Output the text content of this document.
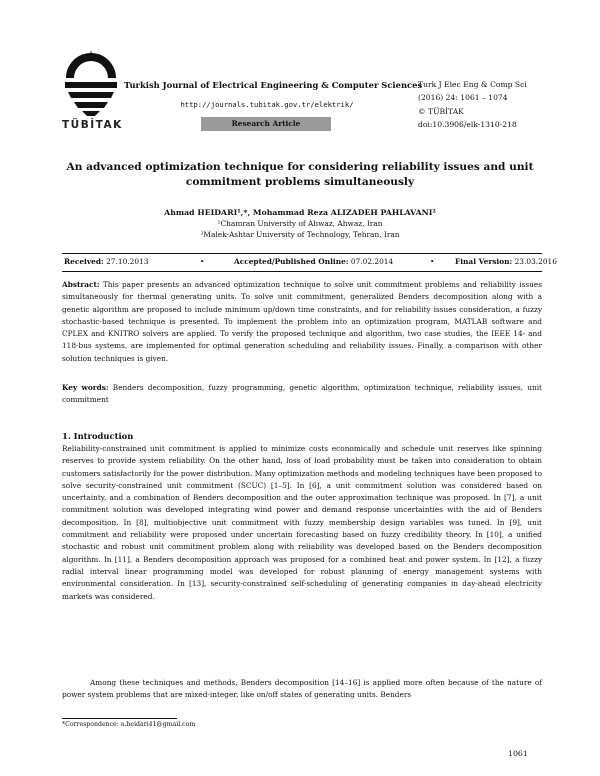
TÜBİTAK
Turkish Journal of Electrical Engineering & Computer Sciences
http://journals.tubitak.gov.tr/elektrik/
Research Article
Turk J Elec Eng & Comp Sci
(2016) 24: 1061 – 1074
© TÜBİTAK
doi:10.3906/elk-1310-218
An advanced optimization technique for considering reliability issues and unit commitment problems simultaneously
Ahmad HEIDARI¹,*, Mohammad Reza ALIZADEH PAHLAVANI²
¹Chamran University of Ahwaz, Ahwaz, Iran
²Malek-Ashtar University of Technology, Tehran, Iran
Received: 27.10.2013	•	Accepted/Published Online: 07.02.2014	•	Final Version: 23.03.2016
Abstract: This paper presents an advanced optimization technique to solve unit commitment problems and reliability issues simultaneously for thermal generating units. To solve unit commitment, generalized Benders decomposition along with a genetic algorithm are proposed to include minimum up/down time constraints, and for reliability issues consideration, a fuzzy stochastic-based technique is presented. To implement the problem into an optimization program, MATLAB software and CPLEX and KNITRO solvers are applied. To verify the proposed technique and algorithm, two case studies, the IEEE 14- and 118-bus systems, are implemented for optimal generation scheduling and reliability issues. Finally, a comparison with other solution techniques is given.
Key words: Benders decomposition, fuzzy programming, genetic algorithm, optimization technique, reliability issues, unit commitment
1. Introduction
Reliability-constrained unit commitment is applied to minimize costs economically and schedule unit reserves like spinning reserves to provide system reliability. On the other hand, loss of load probability must be taken into consideration to obtain customers satisfactorily for the power distribution. Many optimization methods and modeling techniques have been proposed to solve security-constrained unit commitment (SCUC) [1–5]. In [6], a unit commitment solution was considered based on uncertainty, and a combination of Benders decomposition and the outer approximation technique was proposed. In [7], a unit commitment solution was developed integrating wind power and demand response uncertainties with the aid of Benders decomposition. In [8], multiobjective unit commitment with fuzzy membership design variables was tuned. In [9], unit commitment and reliability were proposed under uncertain forecasting based on fuzzy credibility theory. In [10], a unified stochastic and robust unit commitment problem along with reliability was developed based on the Benders decomposition algorithm. In [11], a Benders decomposition approach was proposed for a combined heat and power system. In [12], a fuzzy radial interval linear programming model was developed for robust planning of energy management systems with environmental consideration. In [13], security-constrained self-scheduling of generating companies in day-ahead electricity markets was considered.
Among these techniques and methods, Benders decomposition [14–16] is applied more often because of the nature of power system problems that are mixed-integer, like on/off states of generating units. Benders
*Correspondence: a.heidari41@gmail.com
1061
